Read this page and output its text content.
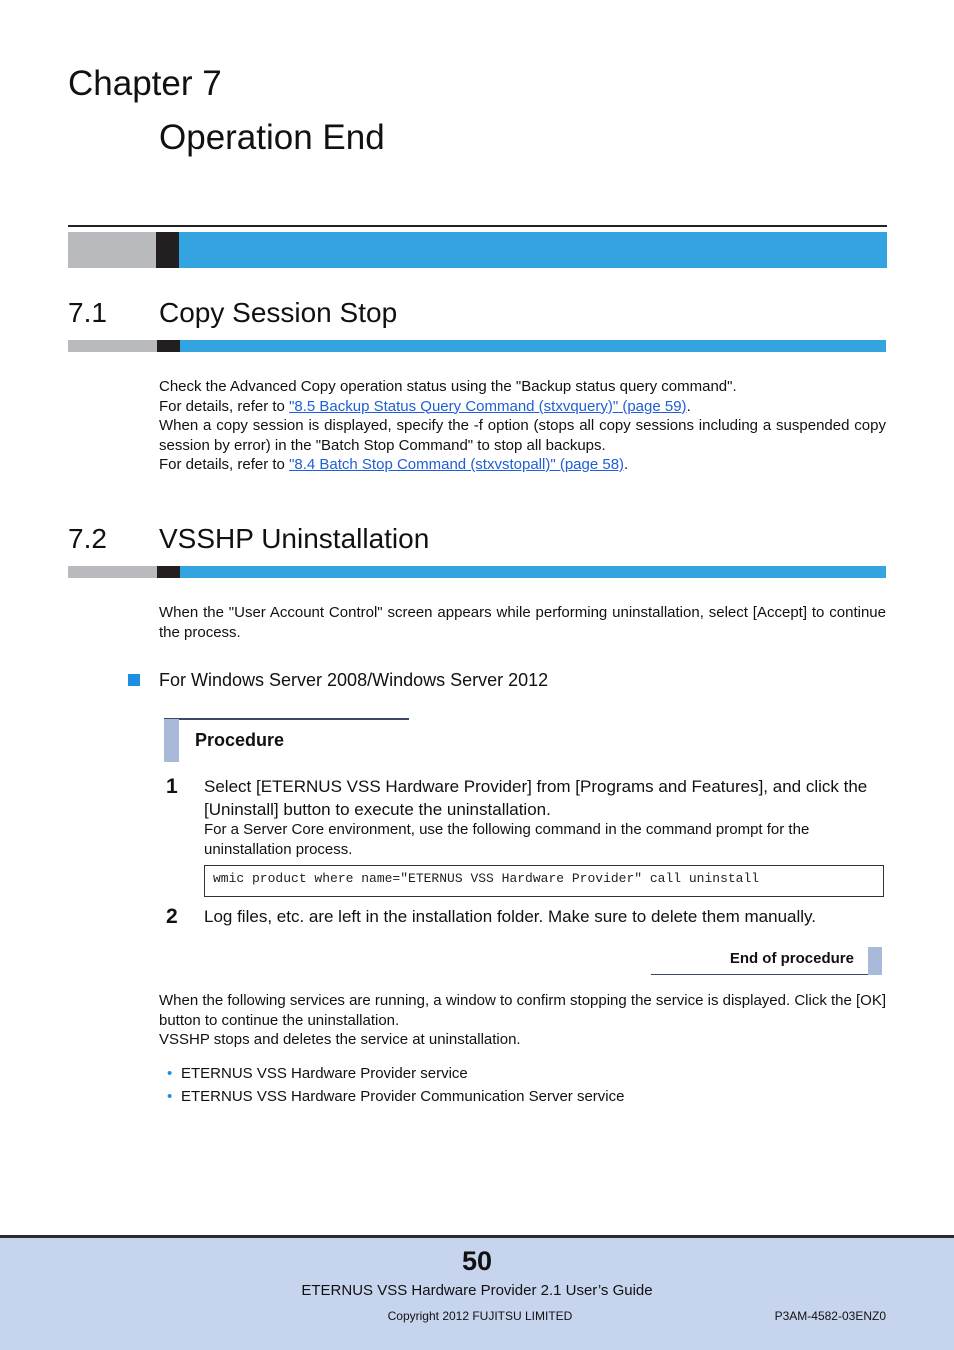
Chapter 7
Operation End
7.1 Copy Session Stop

Check the Advanced Copy operation status using the "Backup status query command".

For details, refer to "8.5 Backup Status Query Command (stxvquery)" (page 59).

When a copy session is displayed, specify the -f option (stops all copy sessions including a suspended copy session by error) in the "Batch Stop Command" to stop all backups.

For details, refer to "8.4 Batch Stop Command (stxvstopall)" (page 58).

7.2 VSSHP Uninstallation

When the "User Account Control" screen appears while performing uninstallation, select [Accept] to continue the process.

For Windows Server 2008/Windows Server 2012
Procedure
1 Select [ETERNUS VSS Hardware Provider] from [Programs and Features], and click the [Uninstall] button to execute the uninstallation.
For a Server Core environment, use the following command in the command prompt for the uninstallation process.
wmic product where name="ETERNUS VSS Hardware Provider" call uninstall
2 Log files, etc. are left in the installation folder. Make sure to delete them manually.
End of procedure

When the following services are running, a window to confirm stopping the service is displayed. Click the [OK] button to continue the uninstallation.

VSSHP stops and deletes the service at uninstallation.

• ETERNUS VSS Hardware Provider service
• ETERNUS VSS Hardware Provider Communication Server service
50
ETERNUS VSS Hardware Provider 2.1 User’s Guide
Copyright 2012 FUJITSU LIMITED	P3AM-4582-03ENZ0
